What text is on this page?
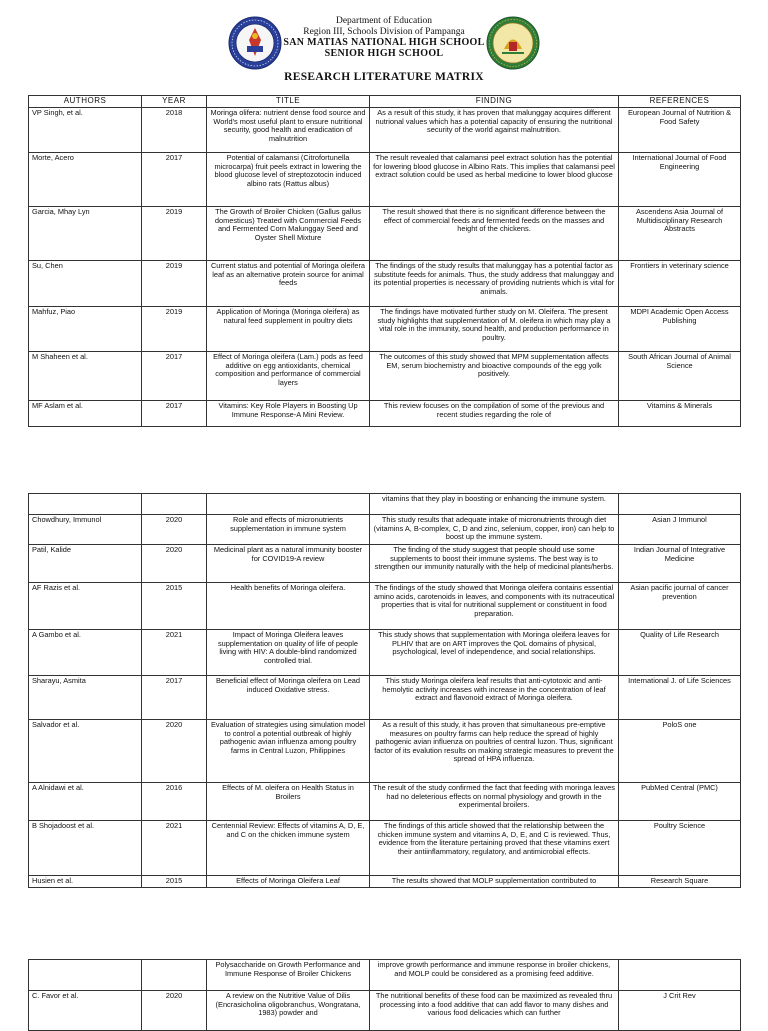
Department of Education
Region III, Schools Division of Pampanga
SAN MATIAS NATIONAL HIGH SCHOOL
SENIOR HIGH SCHOOL
RESEARCH LITERATURE MATRIX
AUTHORS	YEAR	TITLE	FINDING	REFERENCES
VP Singh, et al.	2018	Moringa olifera: nutrient dense food source and World's most useful plant to ensure nutritional security, good health and eradication of malnutrition	As a result of this study, it has proven that malunggay acquires different nutrional values which has a potential capacity of ensuring the nutritional security of the world against malnutrition.	European Journal of Nutrition & Food Safety
Morte, Acero	2017	Potential of calamansi (Citrofortunella microcarpa) fruit peels extract in lowering the blood glucose level of streptozotocin induced albino rats (Rattus albus)	The result revealed that calamansi peel extract solution has the potential for lowering blood glucose in Albino Rats. This implies that calamansi peel extract solution could be used as herbal medicine to lower blood glucose	International Journal of Food Engineering
Garcia, Mhay Lyn	2019	The Growth of Broiler Chicken (Gallus gallus domesticus) Treated with Commercial Feeds and Fermented Corn Malunggay Seed and Oyster Shell Mixture	The result showed that there is no significant difference between the effect of commercial feeds and fermented feeds on the masses and height of the chickens.	Ascendens Asia Journal of Multidisciplinary Research Abstracts
Su, Chen	2019	Current status and potential of Moringa oleifera leaf as an alternative protein source for animal feeds	The findings of the study results that malunggay has a potential factor as substitute feeds for animals. Thus, the study address that malunggay and its potential properties is necessary of providing nutrients which is vital for animals.	Frontiers in veterinary science
Mahfuz, Piao	2019	Application of Moringa (Moringa oleifera) as natural feed supplement in poultry diets	The findings have motivated further study on M. Oleifera. The present study highlights that supplementation of M. oleifera in which may play a vital role in the immunity, sound health, and production performance in poultry.	MDPI Academic Open Access Publishing
M Shaheen et al.	2017	Effect of Moringa oleifera (Lam.) pods as feed additive on egg antioxidants, chemical composition and performance of commercial layers	The outcomes of this study showed that MPM supplementation affects EM, serum biochemistry and bioactive compounds of the egg yolk positively.	South African Journal of Animal Science
MF Aslam et al.	2017	Vitamins: Key Role Players in Boosting Up Immune Response-A Mini Review.	This review focuses on the compilation of some of the previous and recent studies regarding the role of	Vitamins & Minerals
			vitamins that they play in boosting or enhancing the immune system.	
Chowdhury, Immunol	2020	Role and effects of micronutrients supplementation in immune system	This study results that adequate intake of micronutrients through diet (vitamins A, B-complex, C, D and zinc, selenium, copper, iron) can help to boost up the immune system.	Asian J Immunol
Patil, Kalide	2020	Medicinal plant as a natural immunity booster for COVID19-A review	The finding of the study suggest that people should use some supplements to boost their immune systems. The best way is to strengthen our immunity naturally with the help of medicinal plants/herbs.	Indian Journal of Integrative Medicine
AF Razis et al.	2015	Health benefits of Moringa oleifera.	The findings of the study showed that Moringa oleifera contains essential amino acids, carotenoids in leaves, and components with its nutraceutical properties that is vital for nutritional supplement or constituent in food preparation.	Asian pacific journal of cancer prevention
A Gambo et al.	2021	Impact of Moringa Oleifera leaves supplementation on quality of life of people living with HIV: A double-blind randomized controlled trial.	This study shows that supplementation with Moringa oleifera leaves for PLHIV that are on ART improves the QoL domains of physical, psychological, level of independence, and social relationships.	Quality of Life Research
Sharayu, Asmita	2017	Beneficial effect of Moringa oleifera on Lead induced Oxidative stress.	This study Moringa oleifera leaf results that anti-cytotoxic and anti-hemolytic activity increases with increase in the concentration of leaf extract and flavonoid extract of Moringa oleifera.	International J. of Life Sciences
Salvador et al.	2020	Evaluation of strategies using simulation model to control a potential outbreak of highly pathogenic avian influenza among poultry farms in Central Luzon, Philippines	As a result of this study, it has proven that simultaneous pre-emptive measures on poultry farms can help reduce the spread of highly pathogenic avian influenza on poultries of central luzon. Thus, significant factor of its evalution results on making strategic measures to prevent the spread of HPA influenza.	PoloS one
A Alnidawi et al.	2016	Effects of M. oleifera on Health Status in Broilers	The result of the study confirmed the fact that feeding with moringa leaves had no deleterious effects on normal physiology and growth in the experimental broilers.	PubMed Central (PMC)
B Shojadoost et al.	2021	Centennial Review: Effects of vitamins A, D, E, and C on the chicken immune system	The findings of this article showed that the relationship between the chicken immune system and vitamins A, D, E, and C is reviewed. Thus, evidence from the literature pertaining proved that these vitamins exert their antiinflammatory, regulatory, and antimicrobial effects.	Poultry Science
Husien et al.	2015	Effects of Moringa Oleifera Leaf	The results showed that MOLP supplementation contributed to	Research Square
		Polysaccharide on Growth Performance and Immune Response of Broiler Chickens	improve growth performance and immune response in broiler chickens, and MOLP could be considered as a promising feed additive.	
C. Favor et al.	2020	A review on the Nutritive Value of Dilis (Encrasicholina oligobranchus, Wongratana, 1983) powder and	The nutritional benefits of these food can be maximized as revealed thru processing into a food additive that can add flavor to many dishes and various food delicacies which can further	J Crit Rev
